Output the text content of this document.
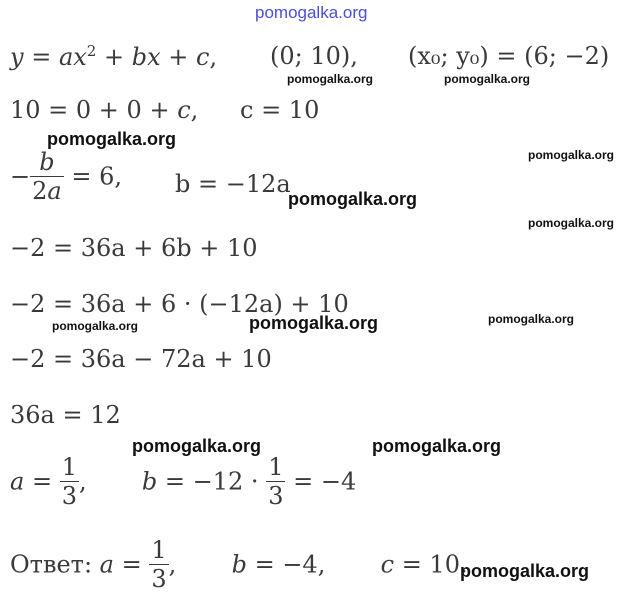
pomogalka.org
$y = ax^2$ + bx + c, (0; 10), (x₀; y₀) = (6; −2)
pomogalka.org	pomogalka.org
10 = 0 + 0 + c, c = 10
pomogalka.org
pomogalka.org
− $\frac{b}{2a} = 6$, b = −12a
pomogalka.org
pomogalka.org
−2 = 36a + 6b + 10
−2 = 36a + 6 · (−12a) + 10
pomogalka.org	pomogalka.org	pomogalka.org
−2 = 36a − 72a + 10
36a = 12
pomogalka.org	pomogalka.org
$a = \frac{1}{3}$ , $b = -12 \cdot \frac{1}{3} = -4$
Ответ: $a = \frac{1}{3}$ , b = −4, c = 10.
pomogalka.org
